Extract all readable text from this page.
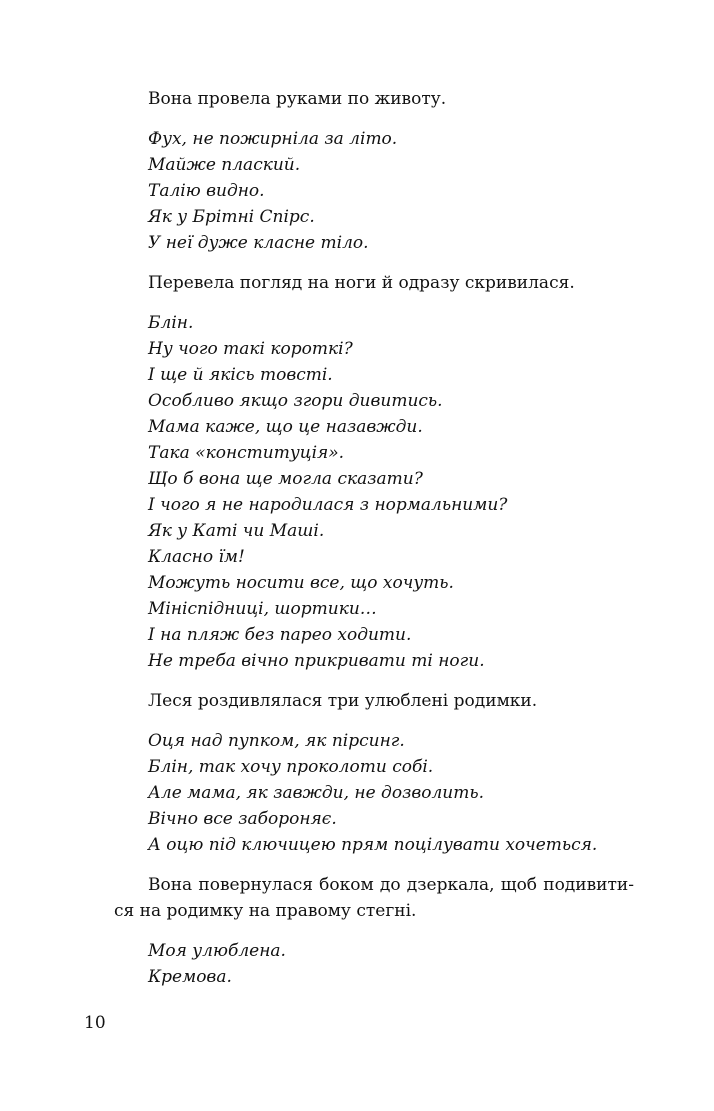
Вона провела руками по животу.

Фух, не пожирніла за літо.
Майже плаский.
Талію видно.
Як у Брітні Спірс.
У неї дуже класне тіло.

Перевела погляд на ноги й одразу скривилася.

Блін.
Ну чого такі короткі?
І ще й якісь товсті.
Особливо якщо згори дивитись.
Мама каже, що це назавжди.
Така «конституція».
Що б вона ще могла сказати?
І чого я не народилася з нормальними?
Як у Каті чи Маші.
Класно їм!
Можуть носити все, що хочуть.
Мініспідниці, шортики…
І на пляж без парео ходити.
Не треба вічно прикривати ті ноги.

Леся роздивлялася три улюблені родимки.

Оця над пупком, як пірсинг.
Блін, так хочу проколоти собі.
Але мама, як завжди, не дозволить.
Вічно все забороняє.
А оцю під ключицею прям поцілувати хочеться.

Вона повернулася боком до дзеркала, щоб подивитися на родимку на правому стегні.

Моя улюблена.
Кремова.
10
